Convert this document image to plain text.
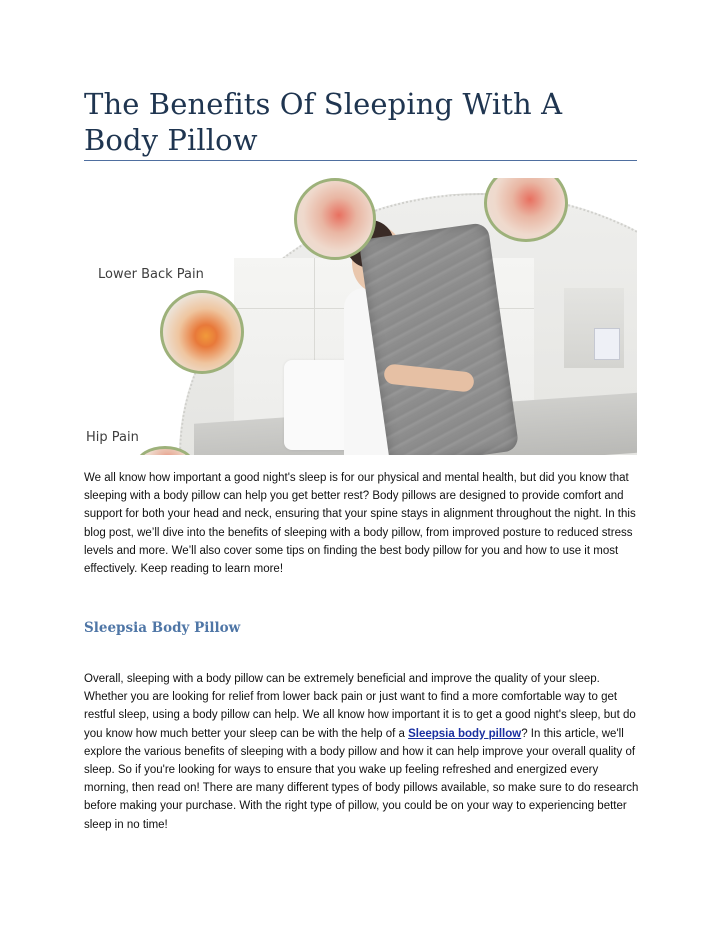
The Benefits Of Sleeping With A Body Pillow
Lower Back Pain
Hip Pain

We all know how important a good night's sleep is for our physical and mental health, but did you know that sleeping with a body pillow can help you get better rest? Body pillows are designed to provide comfort and support for both your head and neck, ensuring that your spine stays in alignment throughout the night. In this blog post, we’ll dive into the benefits of sleeping with a body pillow, from improved posture to reduced stress levels and more. We’ll also cover some tips on finding the best body pillow for you and how to use it most effectively. Keep reading to learn more!

Sleepsia Body Pillow

Overall, sleeping with a body pillow can be extremely beneficial and improve the quality of your sleep. Whether you are looking for relief from lower back pain or just want to find a more comfortable way to get restful sleep, using a body pillow can help. We all know how important it is to get a good night's sleep, but do you know how much better your sleep can be with the help of a Sleepsia body pillow? In this article, we'll explore the various benefits of sleeping with a body pillow and how it can help improve your overall quality of sleep. So if you're looking for ways to ensure that you wake up feeling refreshed and energized every morning, then read on! There are many different types of body pillows available, so make sure to do research before making your purchase. With the right type of pillow, you could be on your way to experiencing better sleep in no time!
